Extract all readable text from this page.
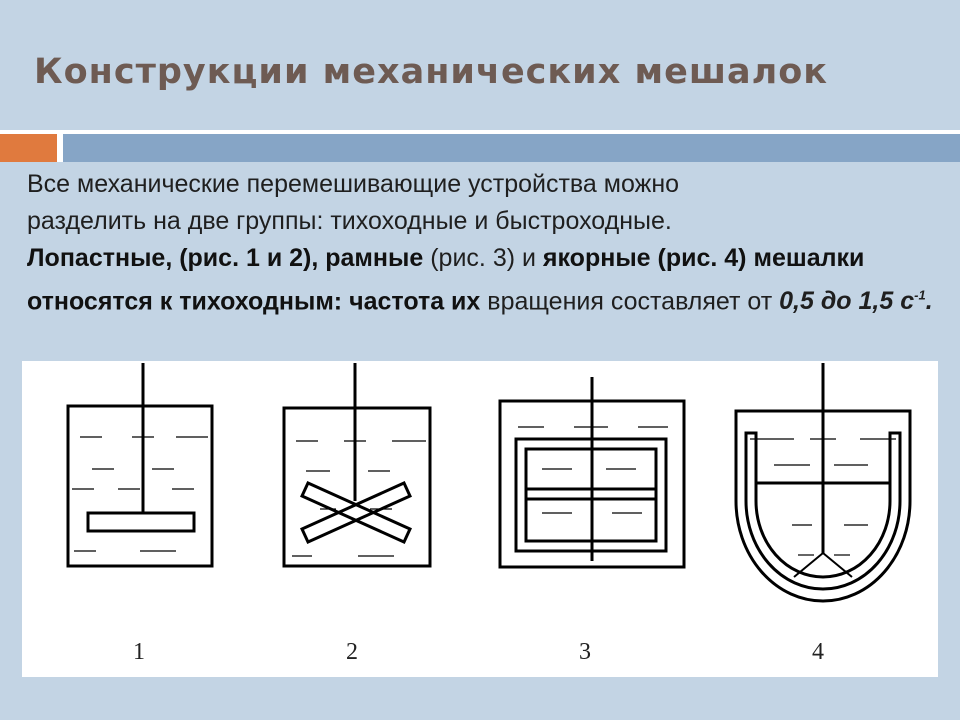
Конструкции механических мешалок

Все механические перемешивающие устройства можно
разделить на две группы: тихоходные и быстроходные.
Лопастные, (рис. 1 и 2), рамные (рис. 3) и якорные (рис. 4) мешалки относятся к тихоходным: частота их вращения составляет от 0,5 до 1,5 $с^{-1}$.

1	2	3	4
